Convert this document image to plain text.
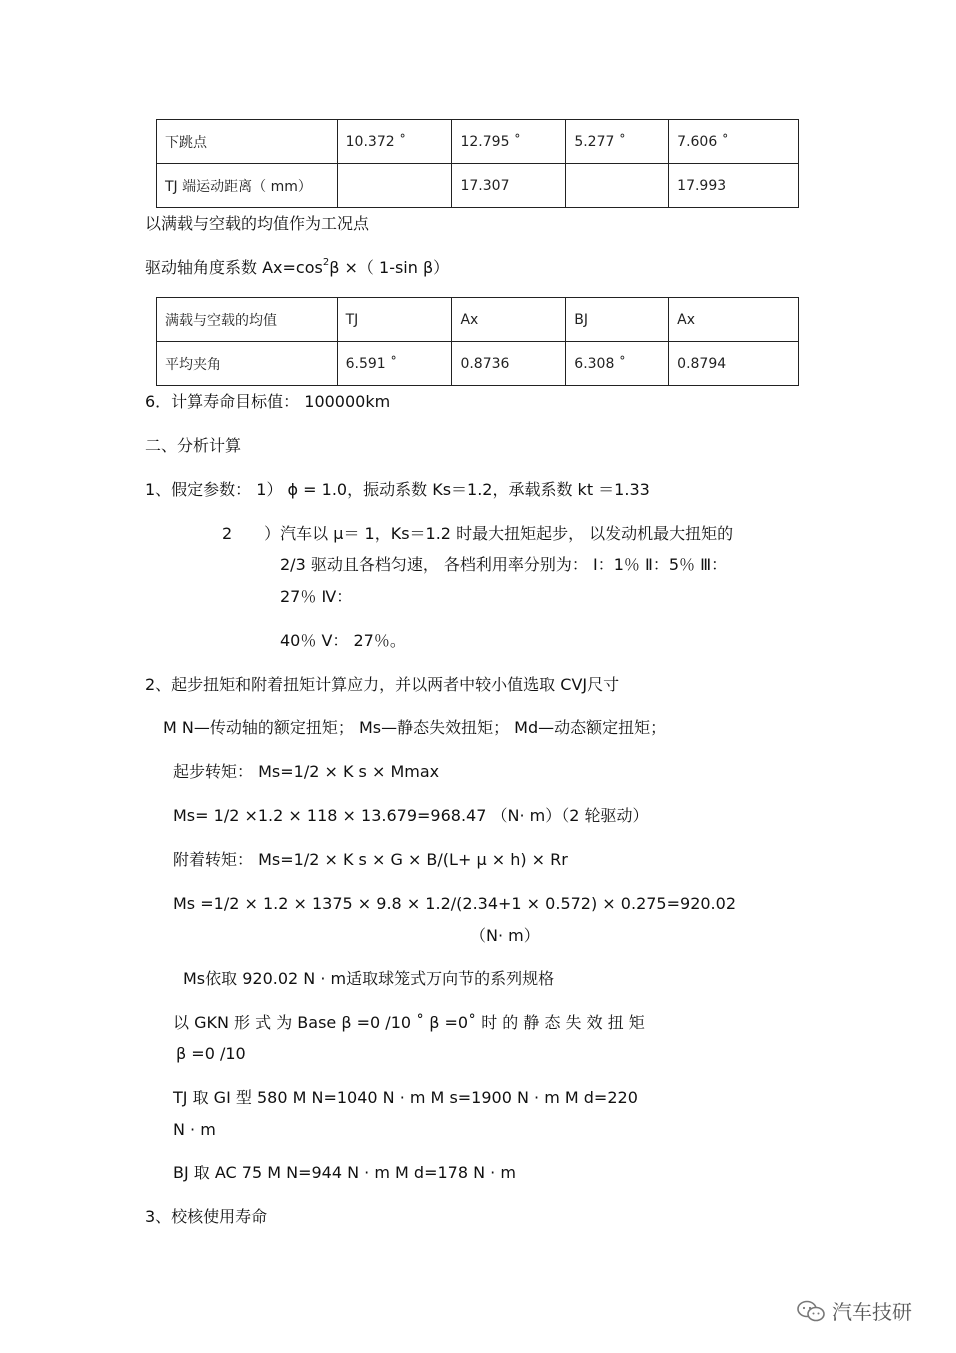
下跳点	10.372 ˚	12.795 ˚	5.277 ˚	7.606 ˚
TJ 端运动距离（ mm）		17.307		17.993
以满载与空载的均值作为工况点
驱动轴角度系数 $Ax=\cos^2\beta$ ×（ 1-sin β）
满载与空载的均值	TJ	Ax	BJ	Ax
平均夹角	6.591 ˚	0.8736	6.308 ˚	0.8794
6．计算寿命目标值： 100000km
二、分析计算
1、假定参数： 1） ϕ = 1.0，振动系数 Ks＝1.2，承载系数 kt ＝1.33
2　　）汽车以 μ＝ 1，Ks＝1.2 时最大扭矩起步， 以发动机最大扭矩的
2/3 驱动且各档匀速， 各档利用率分别为： Ⅰ：1％ Ⅱ：5％ Ⅲ：
27％ Ⅳ：
40％ Ⅴ： 27％。
2、起步扭矩和附着扭矩计算应力，并以两者中较小值选取 CVJ尺寸
M N—传动轴的额定扭矩； Ms—静态失效扭矩； Md—动态额定扭矩；
起步转矩： Ms=1/2 × K s × Mmax
Ms= 1/2 ×1.2 × 118 × 13.679=968.47 （N· m）（2 轮驱动）
附着转矩： Ms=1/2 × K s × G × B/(L+ μ × h) × Rr
Ms =1/2 × 1.2 × 1375 × 9.8 × 1.2/(2.34+1 × 0.572) × 0.275=920.02
（N· m）
Ms依取 920.02 N · m适取球笼式万向节的系列规格
以 GKN 形 式 为 Base β =0 /10 ˚ β =0˚ 时 的 静 态 失 效 扭 矩
β =0 /10
TJ 取 GI 型 580 M N=1040 N · m M s=1900 N · m M d=220
N · m
BJ 取 AC 75 M N=944 N · m M d=178 N · m
3、校核使用寿命
汽车技研
